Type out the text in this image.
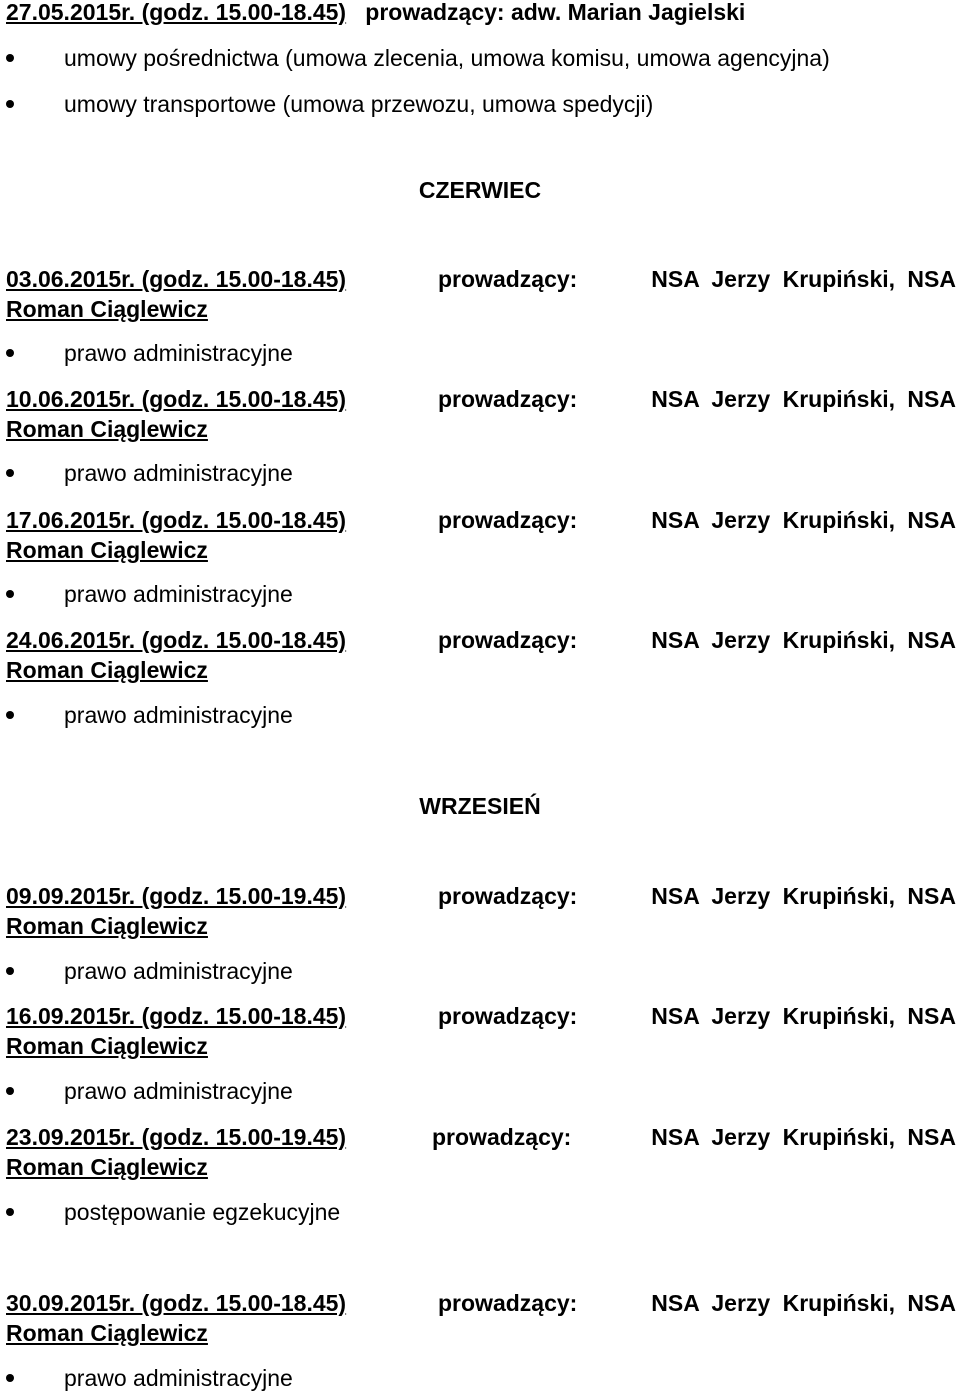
27.05.2015r. (godz. 15.00-18.45) prowadzący: adw. Marian Jagielski
umowy pośrednictwa (umowa zlecenia, umowa komisu, umowa agencyjna)
umowy transportowe (umowa przewozu, umowa spedycji)
CZERWIEC
03.06.2015r. (godz. 15.00-18.45)	prowadzący:	NSA Jerzy Krupiński, NSA
Roman Ciąglewicz
prawo administracyjne
10.06.2015r. (godz. 15.00-18.45)	prowadzący:	NSA Jerzy Krupiński, NSA
Roman Ciąglewicz
prawo administracyjne
17.06.2015r. (godz. 15.00-18.45)	prowadzący:	NSA Jerzy Krupiński, NSA
Roman Ciąglewicz
prawo administracyjne
24.06.2015r. (godz. 15.00-18.45)	prowadzący:	NSA Jerzy Krupiński, NSA
Roman Ciąglewicz
prawo administracyjne
WRZESIEŃ
09.09.2015r. (godz. 15.00-19.45)	prowadzący:	NSA Jerzy Krupiński, NSA
Roman Ciąglewicz
prawo administracyjne
16.09.2015r. (godz. 15.00-18.45)	prowadzący:	NSA Jerzy Krupiński, NSA
Roman Ciąglewicz
prawo administracyjne
23.09.2015r. (godz. 15.00-19.45)	prowadzący:	NSA Jerzy Krupiński, NSA
Roman Ciąglewicz
postępowanie egzekucyjne
30.09.2015r. (godz. 15.00-18.45)	prowadzący:	NSA Jerzy Krupiński, NSA
Roman Ciąglewicz
prawo administracyjne
